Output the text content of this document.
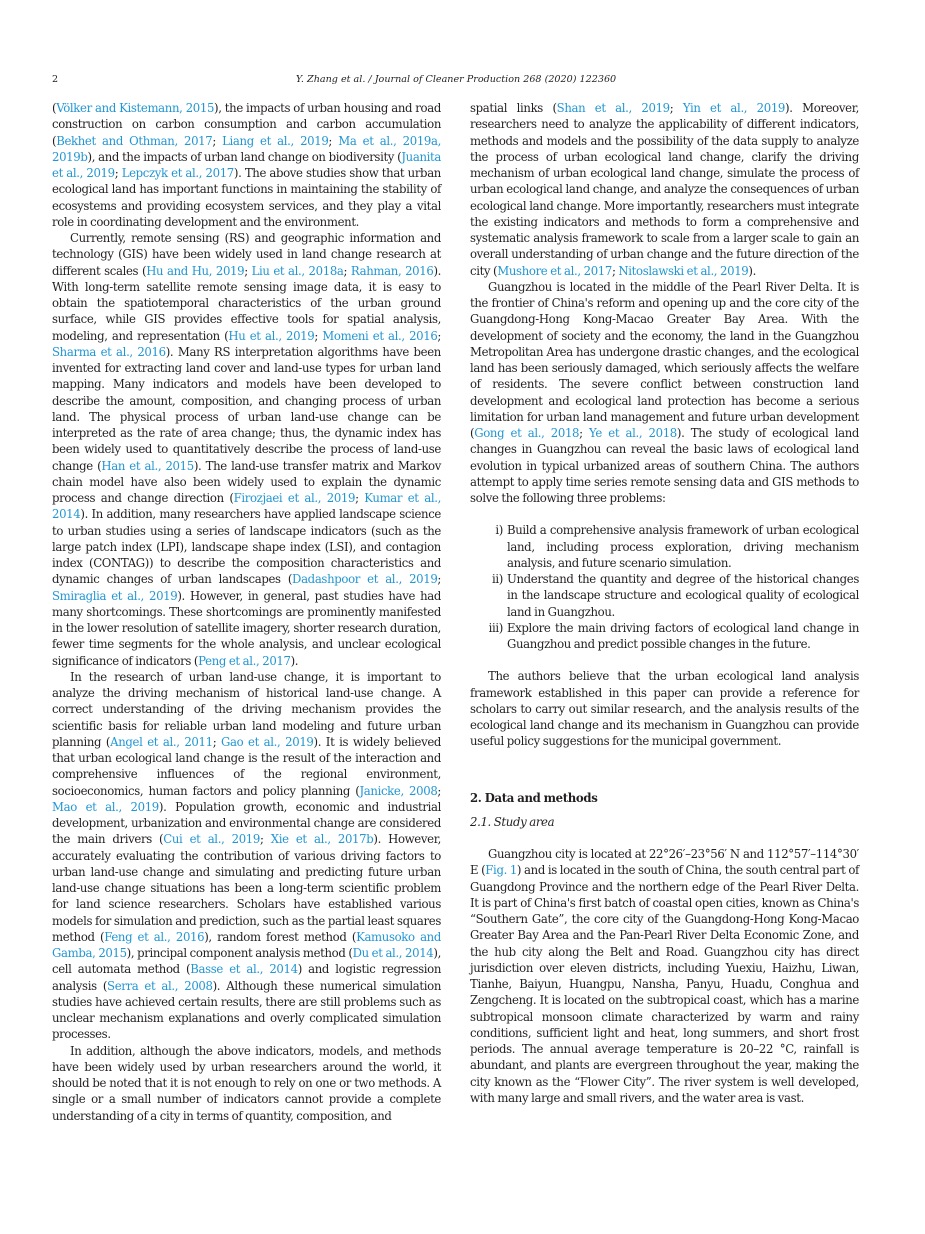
2	Y. Zhang et al. / Journal of Cleaner Production 268 (2020) 122360

(Völker and Kistemann, 2015), the impacts of urban housing and road construction on carbon consumption and carbon accumulation (Bekhet and Othman, 2017; Liang et al., 2019; Ma et al., 2019a, 2019b), and the impacts of urban land change on biodiversity (Juanita et al., 2019; Lepczyk et al., 2017). The above studies show that urban ecological land has important functions in maintaining the stability of ecosystems and providing ecosystem services, and they play a vital role in coordinating development and the environment.

Currently, remote sensing (RS) and geographic information and technology (GIS) have been widely used in land change research at different scales (Hu and Hu, 2019; Liu et al., 2018a; Rahman, 2016). With long-term satellite remote sensing image data, it is easy to obtain the spatiotemporal characteristics of the urban ground surface, while GIS provides effective tools for spatial analysis, modeling, and representation (Hu et al., 2019; Momeni et al., 2016; Sharma et al., 2016). Many RS interpretation algorithms have been invented for extracting land cover and land-use types for urban land mapping. Many indicators and models have been developed to describe the amount, composition, and changing process of urban land. The physical process of urban land-use change can be interpreted as the rate of area change; thus, the dynamic index has been widely used to quantitatively describe the process of land-use change (Han et al., 2015). The land-use transfer matrix and Markov chain model have also been widely used to explain the dynamic process and change direction (Firozjaei et al., 2019; Kumar et al., 2014). In addition, many researchers have applied landscape science to urban studies using a series of landscape indicators (such as the large patch index (LPI), landscape shape index (LSI), and contagion index (CONTAG)) to describe the composition characteristics and dynamic changes of urban landscapes (Dadashpoor et al., 2019; Smiraglia et al., 2019). However, in general, past studies have had many shortcomings. These shortcomings are prominently manifested in the lower resolution of satellite imagery, shorter research duration, fewer time segments for the whole analysis, and unclear ecological significance of indicators (Peng et al., 2017).

In the research of urban land-use change, it is important to analyze the driving mechanism of historical land-use change. A correct understanding of the driving mechanism provides the scientific basis for reliable urban land modeling and future urban planning (Angel et al., 2011; Gao et al., 2019). It is widely believed that urban ecological land change is the result of the interaction and comprehensive influences of the regional environment, socioeconomics, human factors and policy planning (Janicke, 2008; Mao et al., 2019). Population growth, economic and industrial development, urbanization and environmental change are considered the main drivers (Cui et al., 2019; Xie et al., 2017b). However, accurately evaluating the contribution of various driving factors to urban land-use change and simulating and predicting future urban land-use change situations has been a long-term scientific problem for land science researchers. Scholars have established various models for simulation and prediction, such as the partial least squares method (Feng et al., 2016), random forest method (Kamusoko and Gamba, 2015), principal component analysis method (Du et al., 2014), cell automata method (Basse et al., 2014) and logistic regression analysis (Serra et al., 2008). Although these numerical simulation studies have achieved certain results, there are still problems such as unclear mechanism explanations and overly complicated simulation processes.

In addition, although the above indicators, models, and methods have been widely used by urban researchers around the world, it should be noted that it is not enough to rely on one or two methods. A single or a small number of indicators cannot provide a complete understanding of a city in terms of quantity, composition, and

spatial links (Shan et al., 2019; Yin et al., 2019). Moreover, researchers need to analyze the applicability of different indicators, methods and models and the possibility of the data supply to analyze the process of urban ecological land change, clarify the driving mechanism of urban ecological land change, simulate the process of urban ecological land change, and analyze the consequences of urban ecological land change. More importantly, researchers must integrate the existing indicators and methods to form a comprehensive and systematic analysis framework to scale from a larger scale to gain an overall understanding of urban change and the future direction of the city (Mushore et al., 2017; Nitoslawski et al., 2019).

Guangzhou is located in the middle of the Pearl River Delta. It is the frontier of China's reform and opening up and the core city of the Guangdong-Hong Kong-Macao Greater Bay Area. With the development of society and the economy, the land in the Guangzhou Metropolitan Area has undergone drastic changes, and the ecological land has been seriously damaged, which seriously affects the welfare of residents. The severe conflict between construction land development and ecological land protection has become a serious limitation for urban land management and future urban development (Gong et al., 2018; Ye et al., 2018). The study of ecological land changes in Guangzhou can reveal the basic laws of ecological land evolution in typical urbanized areas of southern China. The authors attempt to apply time series remote sensing data and GIS methods to solve the following three problems:

i) Build a comprehensive analysis framework of urban ecological land, including process exploration, driving mechanism analysis, and future scenario simulation.
ii) Understand the quantity and degree of the historical changes in the landscape structure and ecological quality of ecological land in Guangzhou.
iii) Explore the main driving factors of ecological land change in Guangzhou and predict possible changes in the future.

The authors believe that the urban ecological land analysis framework established in this paper can provide a reference for scholars to carry out similar research, and the analysis results of the ecological land change and its mechanism in Guangzhou can provide useful policy suggestions for the municipal government.

2. Data and methods
2.1. Study area

Guangzhou city is located at 22°26′–23°56′ N and 112°57′–114°30′ E (Fig. 1) and is located in the south of China, the south central part of Guangdong Province and the northern edge of the Pearl River Delta. It is part of China's first batch of coastal open cities, known as China's “Southern Gate”, the core city of the Guangdong-Hong Kong-Macao Greater Bay Area and the Pan-Pearl River Delta Economic Zone, and the hub city along the Belt and Road. Guangzhou city has direct jurisdiction over eleven districts, including Yuexiu, Haizhu, Liwan, Tianhe, Baiyun, Huangpu, Nansha, Panyu, Huadu, Conghua and Zengcheng. It is located on the subtropical coast, which has a marine subtropical monsoon climate characterized by warm and rainy conditions, sufficient light and heat, long summers, and short frost periods. The annual average temperature is 20–22 °C, rainfall is abundant, and plants are evergreen throughout the year, making the city known as the “Flower City”. The river system is well developed, with many large and small rivers, and the water area is vast.
